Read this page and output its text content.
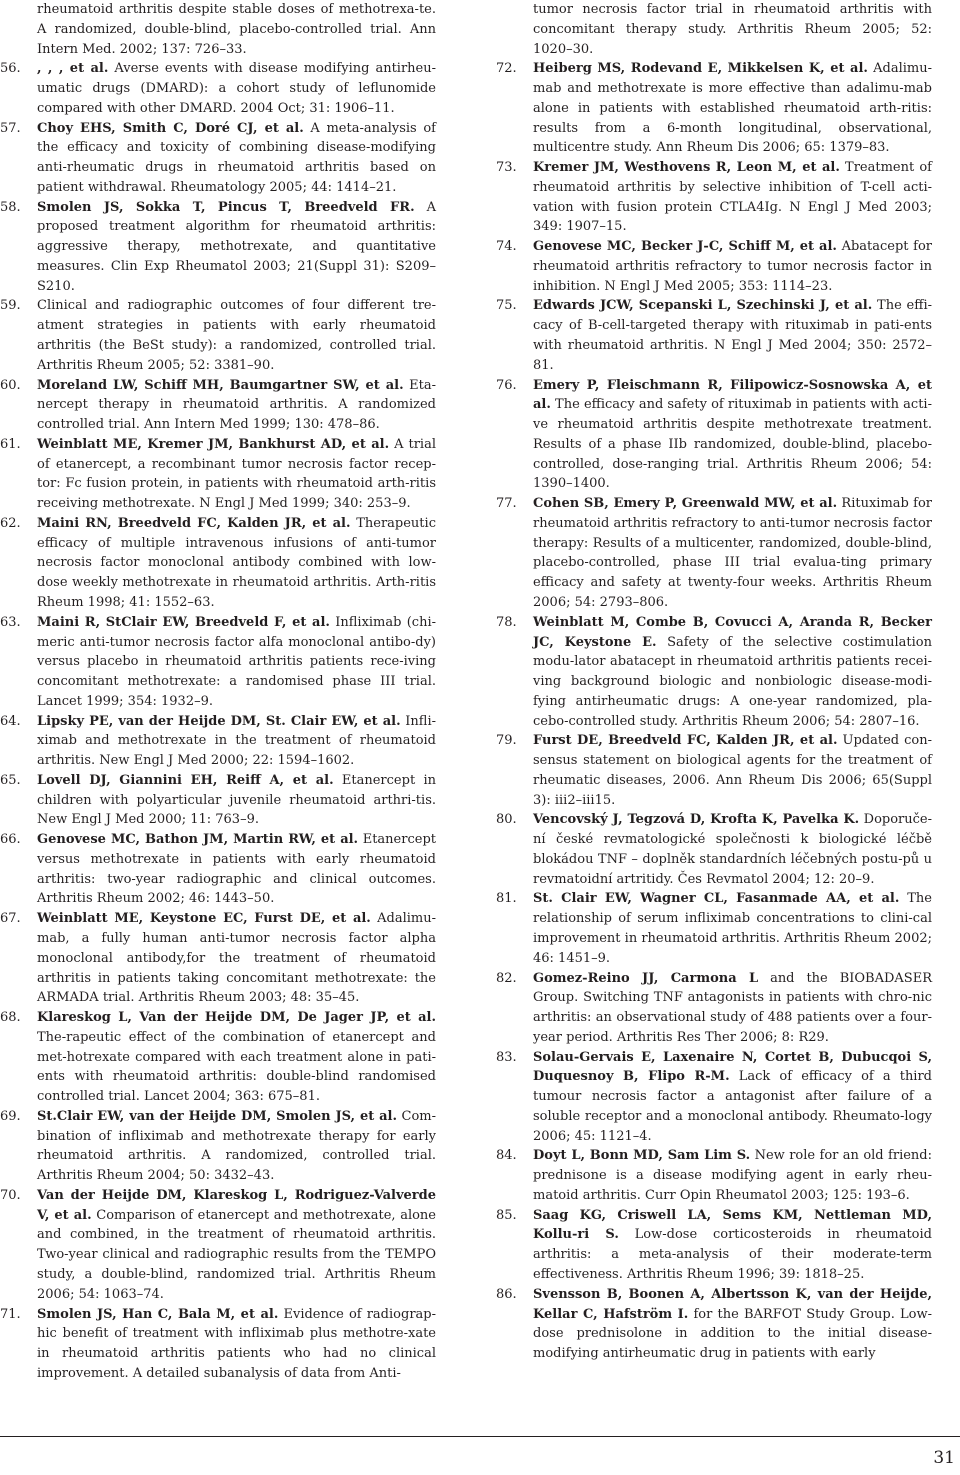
rheumatoid arthritis despite stable doses of methotrexa-te. A randomized, double-blind, placebo-controlled trial. Ann Intern Med. 2002; 137: 726–33.
56.	, , , et al. Averse events with disease modifying antirheu-umatic drugs (DMARD): a cohort study of leflunomide compared with other DMARD. 2004 Oct; 31: 1906–11.
57.	Choy EHS, Smith C, Doré CJ, et al. A meta-analysis of the efficacy and toxicity of combining disease-modifying anti-rheumatic drugs in rheumatoid arthritis based on patient withdrawal. Rheumatology 2005; 44: 1414–21.
58.	Smolen JS, Sokka T, Pincus T, Breedveld FR. A proposed treatment algorithm for rheumatoid arthritis: aggressive therapy, methotrexate, and quantitative measures. Clin Exp Rheumatol 2003; 21(Suppl 31): S209–S210.
59.	Clinical and radiographic outcomes of four different tre-atment strategies in patients with early rheumatoid arthritis (the BeSt study): a randomized, controlled trial. Arthritis Rheum 2005; 52: 3381–90.
60.	Moreland LW, Schiff MH, Baumgartner SW, et al. Eta-nercept therapy in rheumatoid arthritis. A randomized controlled trial. Ann Intern Med 1999; 130: 478–86.
61.	Weinblatt ME, Kremer JM, Bankhurst AD, et al. A trial of etanercept, a recombinant tumor necrosis factor recep-tor: Fc fusion protein, in patients with rheumatoid arth-ritis receiving methotrexate. N Engl J Med 1999; 340: 253–9.
62.	Maini RN, Breedveld FC, Kalden JR, et al. Therapeutic efficacy of multiple intravenous infusions of anti-tumor necrosis factor monoclonal antibody combined with low-dose weekly methotrexate in rheumatoid arthritis. Arth-ritis Rheum 1998; 41: 1552–63.
63.	Maini R, StClair EW, Breedveld F, et al. Infliximab (chi-meric anti-tumor necrosis factor alfa monoclonal antibo-dy) versus placebo in rheumatoid arthritis patients rece-iving concomitant methotrexate: a randomised phase III trial. Lancet 1999; 354: 1932–9.
64.	Lipsky PE, van der Heijde DM, St. Clair EW, et al. Infli-ximab and methotrexate in the treatment of rheumatoid arthritis. New Engl J Med 2000; 22: 1594–1602.
65.	Lovell DJ, Giannini EH, Reiff A, et al. Etanercept in children with polyarticular juvenile rheumatoid arthri-tis. New Engl J Med 2000; 11: 763–9.
66.	Genovese MC, Bathon JM, Martin RW, et al. Etanercept versus methotrexate in patients with early rheumatoid arthritis: two-year radiographic and clinical outcomes. Arthritis Rheum 2002; 46: 1443–50.
67.	Weinblatt ME, Keystone EC, Furst DE, et al. Adalimu-mab, a fully human anti-tumor necrosis factor alpha monoclonal antibody,for the treatment of rheumatoid arthritis in patients taking concomitant methotrexate: the ARMADA trial. Arthritis Rheum 2003; 48: 35–45.
68.	Klareskog L, Van der Heijde DM, De Jager JP, et al. The-rapeutic effect of the combination of etanercept and met-hotrexate compared with each treatment alone in pati-ents with rheumatoid arthritis: double-blind randomised controlled trial. Lancet 2004; 363: 675–81.
69.	St.Clair EW, van der Heijde DM, Smolen JS, et al. Com-bination of infliximab and methotrexate therapy for early rheumatoid arthritis. A randomized, controlled trial. Arthritis Rheum 2004; 50: 3432–43.
70.	Van der Heijde DM, Klareskog L, Rodriguez-Valverde V, et al. Comparison of etanercept and methotrexate, alone and combined, in the treatment of rheumatoid arthritis. Two-year clinical and radiographic results from the TEMPO study, a double-blind, randomized trial. Arthritis Rheum 2006; 54: 1063–74.
71.	Smolen JS, Han C, Bala M, et al. Evidence of radiograp-hic benefit of treatment with infliximab plus methotre-xate in rheumatoid arthritis patients who had no clinical improvement. A detailed subanalysis of data from Anti-
tumor necrosis factor trial in rheumatoid arthritis with concomitant therapy study. Arthritis Rheum 2005; 52: 1020–30.
72.	Heiberg MS, Rodevand E, Mikkelsen K, et al. Adalimu-mab and methotrexate is more effective than adalimu-mab alone in patients with established rheumatoid arth-ritis: results from a 6-month longitudinal, observational, multicentre study. Ann Rheum Dis 2006; 65: 1379–83.
73.	Kremer JM, Westhovens R, Leon M, et al. Treatment of rheumatoid arthritis by selective inhibition of T-cell acti-vation with fusion protein CTLA4Ig. N Engl J Med 2003; 349: 1907–15.
74.	Genovese MC, Becker J-C, Schiff M, et al. Abatacept for rheumatoid arthritis refractory to tumor necrosis factor in inhibition. N Engl J Med 2005; 353: 1114–23.
75.	Edwards JCW, Scepanski L, Szechinski J, et al. The effi-cacy of B-cell-targeted therapy with rituximab in pati-ents with rheumatoid arthritis. N Engl J Med 2004; 350: 2572–81.
76.	Emery P, Fleischmann R, Filipowicz-Sosnowska A, et al. The efficacy and safety of rituximab in patients with acti-ve rheumatoid arthritis despite methotrexate treatment. Results of a phase IIb randomized, double-blind, placebo-controlled, dose-ranging trial. Arthritis Rheum 2006; 54: 1390–1400.
77.	Cohen SB, Emery P, Greenwald MW, et al. Rituximab for rheumatoid arthritis refractory to anti-tumor necrosis factor therapy: Results of a multicenter, randomized, double-blind, placebo-controlled, phase III trial evalua-ting primary efficacy and safety at twenty-four weeks. Arthritis Rheum 2006; 54: 2793–806.
78.	Weinblatt M, Combe B, Covucci A, Aranda R, Becker JC, Keystone E. Safety of the selective costimulation modu-lator abatacept in rheumatoid arthritis patients recei-ving background biologic and nonbiologic disease-modi-fying antirheumatic drugs: A one-year randomized, pla-cebo-controlled study. Arthritis Rheum 2006; 54: 2807–16.
79.	Furst DE, Breedveld FC, Kalden JR, et al. Updated con-sensus statement on biological agents for the treatment of rheumatic diseases, 2006. Ann Rheum Dis 2006; 65(Suppl 3): iii2–iii15.
80.	Vencovský J, Tegzová D, Krofta K, Pavelka K. Doporuče-ní české revmatologické společnosti k biologické léčbě blokádou TNF – doplněk standardních léčebných postu-pů u revmatoidní artritidy. Čes Revmatol 2004; 12: 20–9.
81.	St. Clair EW, Wagner CL, Fasanmade AA, et al. The relationship of serum infliximab concentrations to clini-cal improvement in rheumatoid arthritis. Arthritis Rheum 2002; 46: 1451–9.
82.	Gomez-Reino JJ, Carmona L and the BIOBADASER Group. Switching TNF antagonists in patients with chro-nic arthritis: an observational study of 488 patients over a four-year period. Arthritis Res Ther 2006; 8: R29.
83.	Solau-Gervais E, Laxenaire N, Cortet B, Dubucqoi S, Duquesnoy B, Flipo R-M. Lack of efficacy of a third tumour necrosis factor a antagonist after failure of a soluble receptor and a monoclonal antibody. Rheumato-logy 2006; 45: 1121–4.
84.	Doyt L, Bonn MD, Sam Lim S. New role for an old friend: prednisone is a disease modifying agent in early rheu-matoid arthritis. Curr Opin Rheumatol 2003; 125: 193–6.
85.	Saag KG, Criswell LA, Sems KM, Nettleman MD, Kollu-ri S. Low-dose corticosteroids in rheumatoid arthritis: a meta-analysis of their moderate-term effectiveness. Arthritis Rheum 1996; 39: 1818–25.
86.	Svensson B, Boonen A, Albertsson K, van der Heijde, Kellar C, Hafström I. for the BARFOT Study Group. Low-dose prednisolone in addition to the initial disease-modifying antirheumatic drug in patients with early
31
